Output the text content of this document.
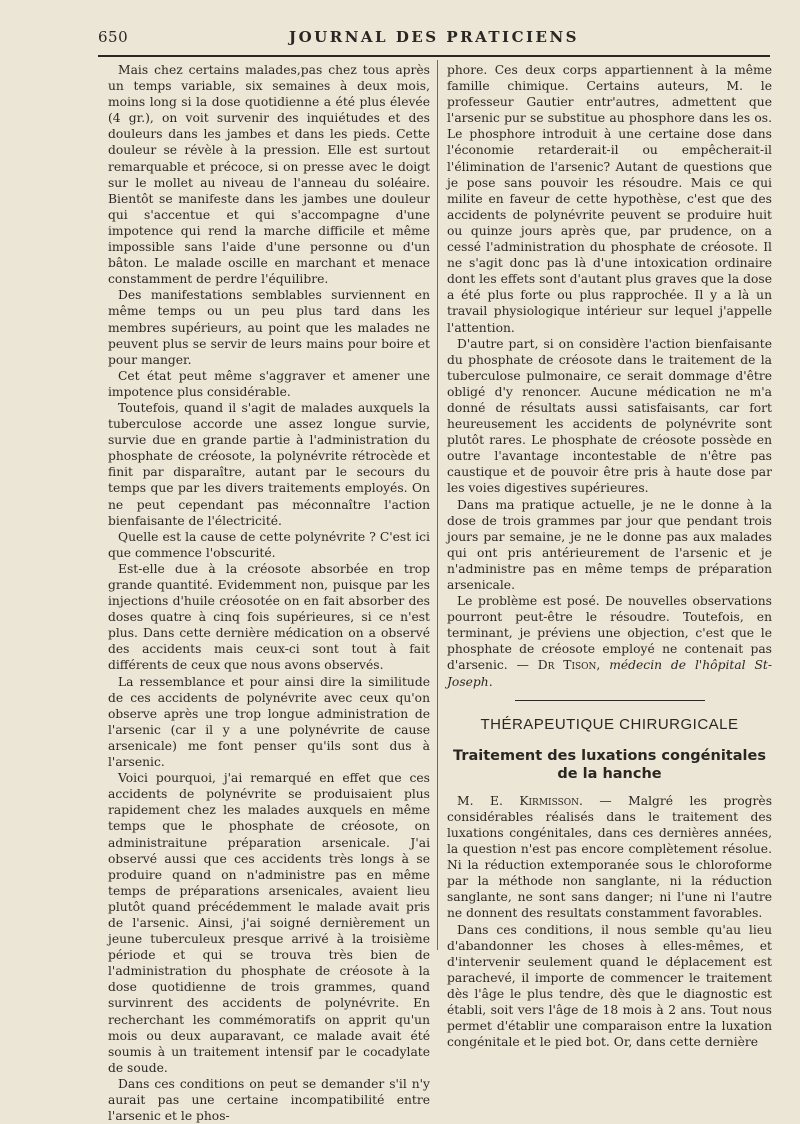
650	JOURNAL DES PRATICIENS

Mais chez certains malades,pas chez tous après un temps variable, six semaines à deux mois, moins long si la dose quotidienne a été plus élevée (4 gr.), on voit survenir des inquiétudes et des douleurs dans les jambes et dans les pieds. Cette douleur se révèle à la pression. Elle est surtout remarquable et précoce, si on presse avec le doigt sur le mollet au niveau de l'anneau du soléaire. Bientôt se manifeste dans les jambes une douleur qui s'accentue et qui s'accompagne d'une impotence qui rend la marche difficile et même impossible sans l'aide d'une personne ou d'un bâton. Le malade oscille en marchant et menace constamment de perdre l'équilibre.

Des manifestations semblables surviennent en même temps ou un peu plus tard dans les membres supérieurs, au point que les malades ne peuvent plus se servir de leurs mains pour boire et pour manger.

Cet état peut même s'aggraver et amener une impotence plus considérable.

Toutefois, quand il s'agit de malades auxquels la tuberculose accorde une assez longue survie, survie due en grande partie à l'administration du phosphate de créosote, la polynévrite rétrocède et finit par disparaître, autant par le secours du temps que par les divers traitements employés. On ne peut cependant pas méconnaître l'action bienfaisante de l'électricité.

Quelle est la cause de cette polynévrite ? C'est ici que commence l'obscurité.

Est-elle due à la créosote absorbée en trop grande quantité. Evidemment non, puisque par les injections d'huile créosotée on en fait absorber des doses quatre à cinq fois supérieures, si ce n'est plus. Dans cette dernière médication on a observé des accidents mais ceux-ci sont tout à fait différents de ceux que nous avons observés.

La ressemblance et pour ainsi dire la similitude de ces accidents de polynévrite avec ceux qu'on observe après une trop longue administration de l'arsenic (car il y a une polynévrite de cause arsenicale) me font penser qu'ils sont dus à l'arsenic.

Voici pourquoi, j'ai remarqué en effet que ces accidents de polynévrite se produisaient plus rapidement chez les malades auxquels en même temps que le phosphate de créosote, on administraitune préparation arsenicale. J'ai observé aussi que ces accidents très longs à se produire quand on n'administre pas en même temps de préparations arsenicales, avaient lieu plutôt quand précédemment le malade avait pris de l'arsenic. Ainsi, j'ai soigné dernièrement un jeune tuberculeux presque arrivé à la troisième période et qui se trouva très bien de l'administration du phosphate de créosote à la dose quotidienne de trois grammes, quand survinrent des accidents de polynévrite. En recherchant les commémoratifs on apprit qu'un mois ou deux auparavant, ce malade avait été soumis à un traitement intensif par le cocadylate de soude.

Dans ces conditions on peut se demander s'il n'y aurait pas une certaine incompatibilité entre l'arsenic et le phos-

phore. Ces deux corps appartiennent à la même famille chimique. Certains auteurs, M. le professeur Gautier entr'autres, admettent que l'arsenic pur se substitue au phosphore dans les os. Le phosphore introduit à une certaine dose dans l'économie retarderait-il ou empêcherait-il l'élimination de l'arsenic? Autant de questions que je pose sans pouvoir les résoudre. Mais ce qui milite en faveur de cette hypothèse, c'est que des accidents de polynévrite peuvent se produire huit ou quinze jours après que, par prudence, on a cessé l'administration du phosphate de créosote. Il ne s'agit donc pas là d'une intoxication ordinaire dont les effets sont d'autant plus graves que la dose a été plus forte ou plus rapprochée. Il y a là un travail physiologique intérieur sur lequel j'appelle l'attention.

D'autre part, si on considère l'action bienfaisante du phosphate de créosote dans le traitement de la tuberculose pulmonaire, ce serait dommage d'être obligé d'y renoncer. Aucune médication ne m'a donné de résultats aussi satisfaisants, car fort heureusement les accidents de polynévrite sont plutôt rares. Le phosphate de créosote possède en outre l'avantage incontestable de n'être pas caustique et de pouvoir être pris à haute dose par les voies digestives supérieures.

Dans ma pratique actuelle, je ne le donne à la dose de trois grammes par jour que pendant trois jours par semaine, je ne le donne pas aux malades qui ont pris antérieurement de l'arsenic et je n'administre pas en même temps de préparation arsenicale.

Le problème est posé. De nouvelles observations pourront peut-être le résoudre. Toutefois, en terminant, je préviens une objection, c'est que le phosphate de créosote employé ne contenait pas d'arsenic. — Dr Tison, médecin de l'hôpital St-Joseph.

THÉRAPEUTIQUE CHIRURGICALE
Traitement des luxations congénitales
de la hanche

M. E. Kirmisson. — Malgré les progrès considérables réalisés dans le traitement des luxations congénitales, dans ces dernières années, la question n'est pas encore complètement résolue. Ni la réduction extemporanée sous le chloroforme par la méthode non sanglante, ni la réduction sanglante, ne sont sans danger; ni l'une ni l'autre ne donnent des resultats constamment favorables.

Dans ces conditions, il nous semble qu'au lieu d'abandonner les choses à elles-mêmes, et d'intervenir seulement quand le déplacement est parachevé, il importe de commencer le traitement dès l'âge le plus tendre, dès que le diagnostic est établi, soit vers l'âge de 18 mois à 2 ans. Tout nous permet d'établir une comparaison entre la luxation congénitale et le pied bot. Or, dans cette dernière
